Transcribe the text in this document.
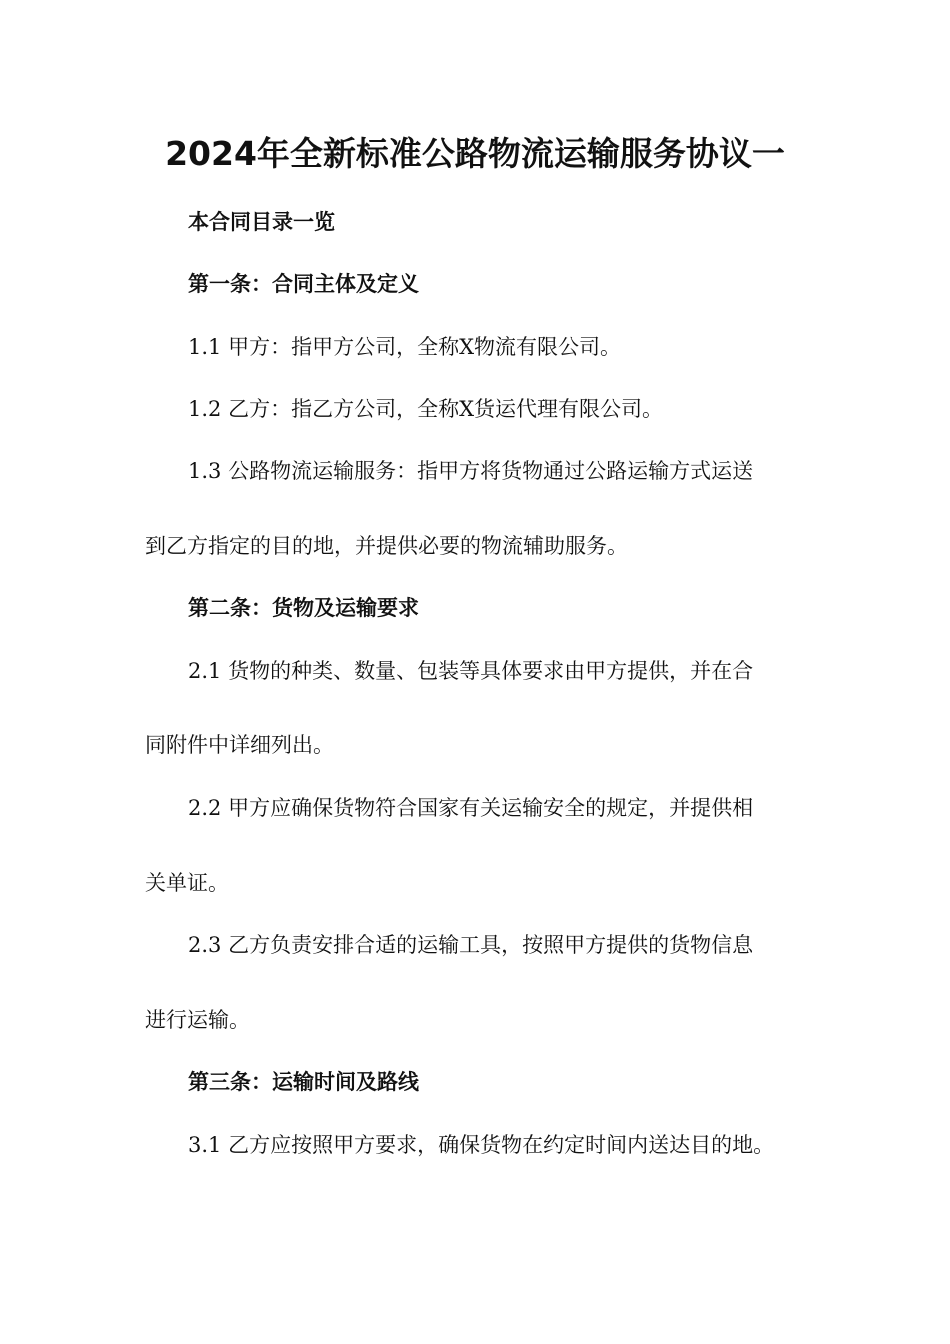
2024年全新标准公路物流运输服务协议一
本合同目录一览
第一条：合同主体及定义
1.1 甲方：指甲方公司，全称X物流有限公司。
1.2 乙方：指乙方公司，全称X货运代理有限公司。
1.3 公路物流运输服务：指甲方将货物通过公路运输方式运送
到乙方指定的目的地，并提供必要的物流辅助服务。
第二条：货物及运输要求
2.1 货物的种类、数量、包装等具体要求由甲方提供，并在合
同附件中详细列出。
2.2 甲方应确保货物符合国家有关运输安全的规定，并提供相
关单证。
2.3 乙方负责安排合适的运输工具，按照甲方提供的货物信息
进行运输。
第三条：运输时间及路线
3.1 乙方应按照甲方要求，确保货物在约定时间内送达目的地。
